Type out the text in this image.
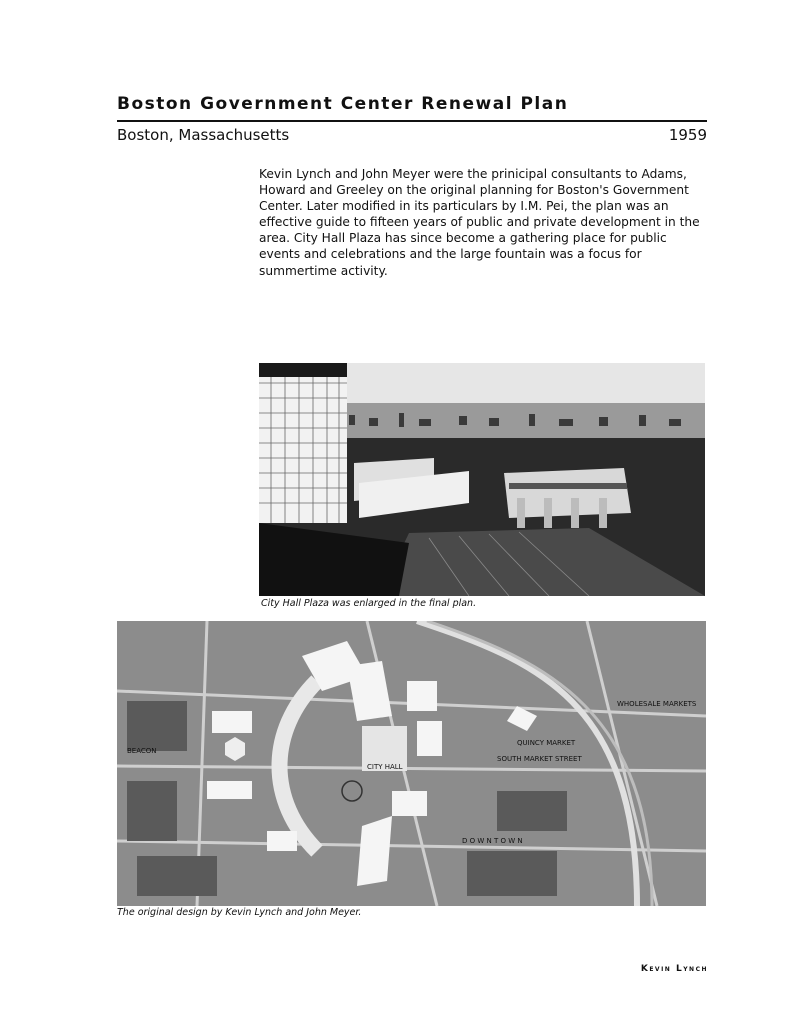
Boston Government Center Renewal Plan
Boston, Massachusetts	1959

Kevin Lynch and John Meyer were the prinicipal consultants to Adams, Howard and Greeley on the original planning for Boston's Government Center. Later modified in its particulars by I.M. Pei, the plan was an effective guide to fifteen years of public and private development in the area. City Hall Plaza has since become a gathering place for public events and celebrations and the large fountain was a focus for summertime activity.

City Hall Plaza was enlarged in the final plan.
BEACON
CITY HALL
D O W N T O W N
WHOLESALE MARKETS
QUINCY MARKET
SOUTH MARKET STREET
The original design by Kevin Lynch and John Meyer.
Kevin Lynch
